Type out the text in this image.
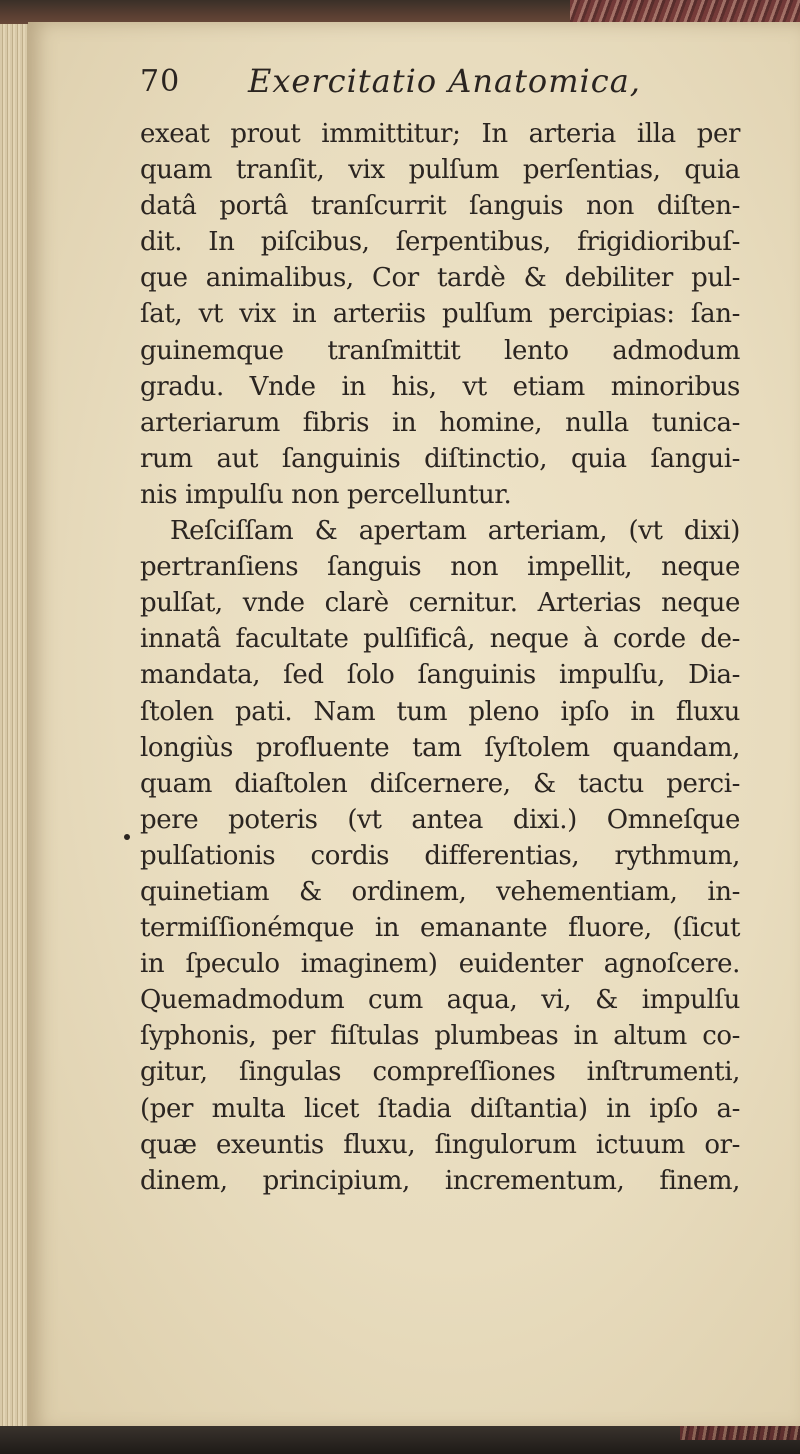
70 Exercitatio Anatomica,
exeat prout immittitur; In arteria illa per
quam tranſit, vix pulſum perſentias, quia
datâ portâ tranſcurrit ſanguis non diſten-
dit. In piſcibus, ſerpentibus, frigidioribuſ-
que animalibus, Cor tardè & debiliter pul-
ſat, vt vix in arteriis pulſum percipias: ſan-
guinemque tranſmittit lento admodum
gradu. Vnde in his, vt etiam minoribus
arteriarum fibris in homine, nulla tunica-
rum aut ſanguinis diſtinctio, quia ſangui-
nis impulſu non percelluntur.
Reſciſſam & apertam arteriam, (vt dixi)
pertranſiens ſanguis non impellit, neque
pulſat, vnde clarè cernitur. Arterias neque
innatâ facultate pulſificâ, neque à corde de-
mandata, ſed ſolo ſanguinis impulſu, Dia-
ſtolen pati. Nam tum pleno ipſo in fluxu
longiùs profluente tam ſyſtolem quandam,
quam diaſtolen diſcernere, & tactu perci-
pere poteris (vt antea dixi.) Omneſque
pulſationis cordis differentias, rythmum,
quinetiam & ordinem, vehementiam, in-
termiſſionémque in emanante fluore, (ſicut
in ſpeculo imaginem) euidenter agnoſcere.
Quemadmodum cum aqua, vi, & impulſu
ſyphonis, per fiſtulas plumbeas in altum co-
gitur, ſingulas compreſſiones inſtrumenti,
(per multa licet ſtadia diſtantia) in ipſo a-
quæ exeuntis fluxu, ſingulorum ictuum or-
dinem, principium, incrementum, finem,
